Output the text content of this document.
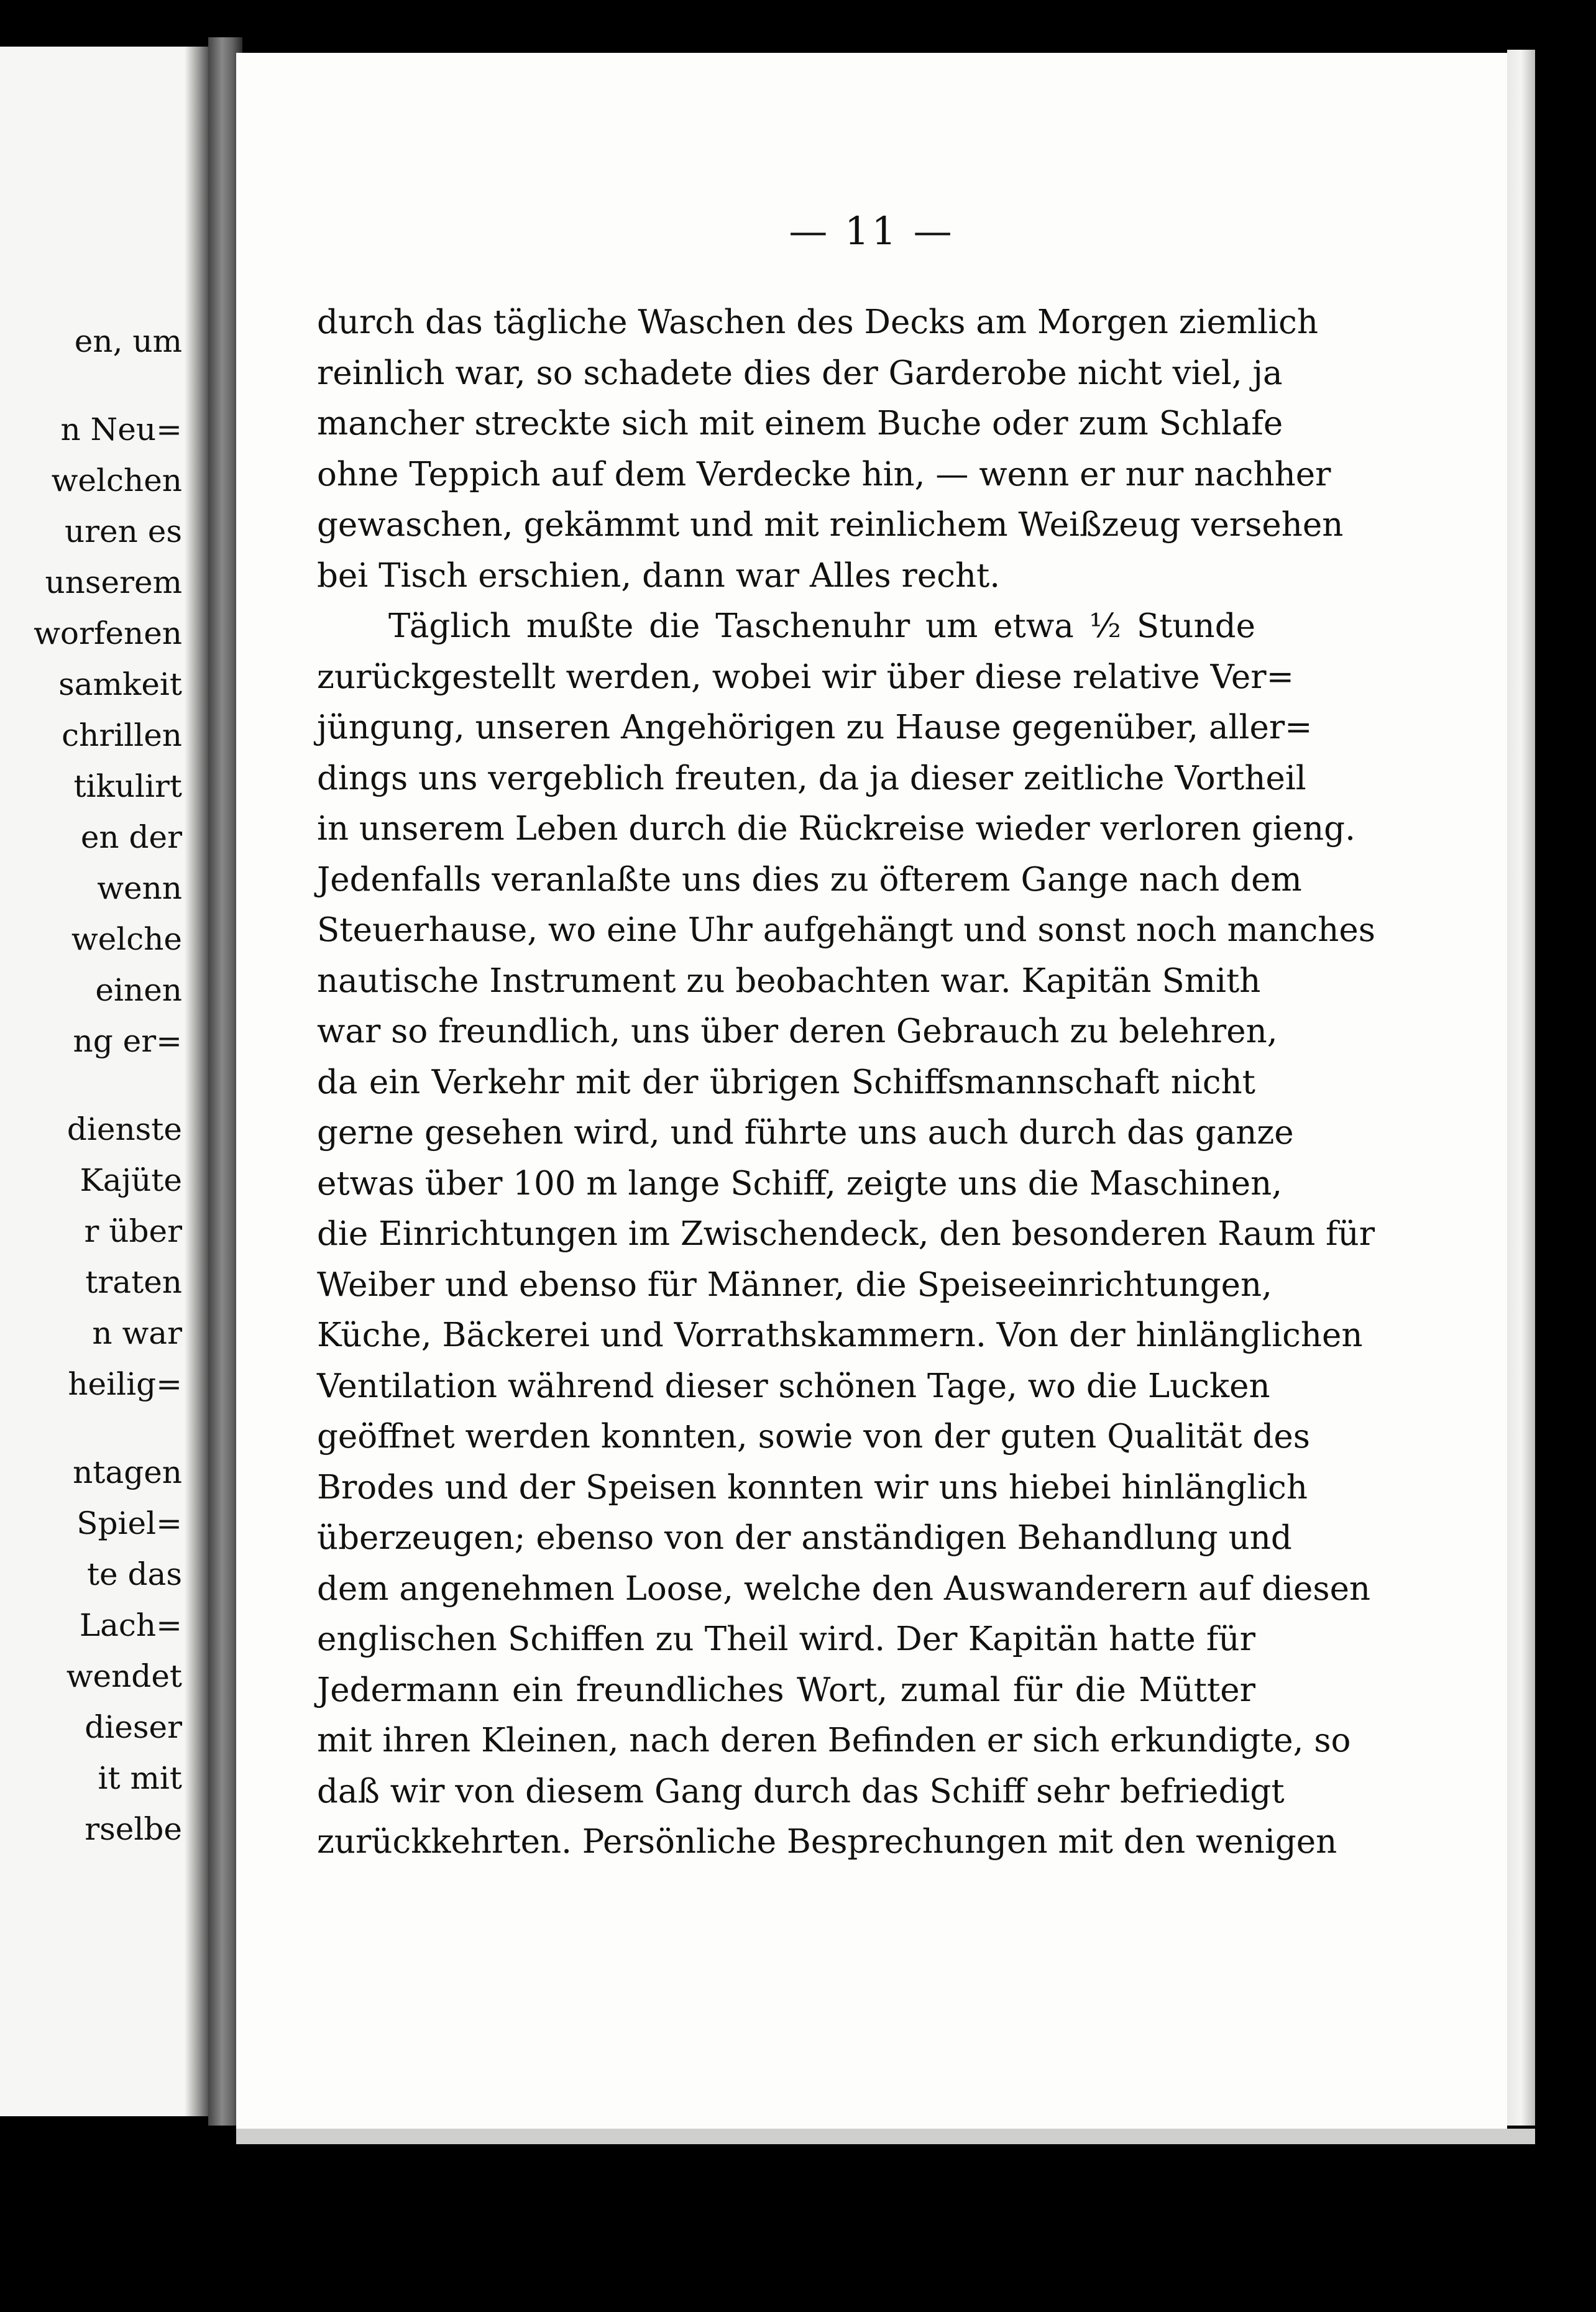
en, um
n Neu=
welchen
uren es
unserem
worfenen
samkeit
chrillen
tikulirt
en der
wenn
welche
einen
ng er=
dienste
Kajüte
r über
traten
n war
heilig=
ntagen
Spiel=
te das
Lach=
wendet
dieser
it mit
rselbe
— 11 —
durch das tägliche Waschen des Decks am Morgen ziemlich
reinlich war, so schadete dies der Garderobe nicht viel, ja
mancher streckte sich mit einem Buche oder zum Schlafe
ohne Teppich auf dem Verdecke hin, — wenn er nur nachher
gewaschen, gekämmt und mit reinlichem Weißzeug versehen
bei Tisch erschien, dann war Alles recht.
Täglich mußte die Taschenuhr um etwa ½ Stunde
zurückgestellt werden, wobei wir über diese relative Ver=
jüngung, unseren Angehörigen zu Hause gegenüber, aller=
dings uns vergeblich freuten, da ja dieser zeitliche Vortheil
in unserem Leben durch die Rückreise wieder verloren gieng.
Jedenfalls veranlaßte uns dies zu öfterem Gange nach dem
Steuerhause, wo eine Uhr aufgehängt und sonst noch manches
nautische Instrument zu beobachten war. Kapitän Smith
war so freundlich, uns über deren Gebrauch zu belehren,
da ein Verkehr mit der übrigen Schiffsmannschaft nicht
gerne gesehen wird, und führte uns auch durch das ganze
etwas über 100 m lange Schiff, zeigte uns die Maschinen,
die Einrichtungen im Zwischendeck, den besonderen Raum für
Weiber und ebenso für Männer, die Speiseeinrichtungen,
Küche, Bäckerei und Vorrathskammern. Von der hinlänglichen
Ventilation während dieser schönen Tage, wo die Lucken
geöffnet werden konnten, sowie von der guten Qualität des
Brodes und der Speisen konnten wir uns hiebei hinlänglich
überzeugen; ebenso von der anständigen Behandlung und
dem angenehmen Loose, welche den Auswanderern auf diesen
englischen Schiffen zu Theil wird. Der Kapitän hatte für
Jedermann ein freundliches Wort, zumal für die Mütter
mit ihren Kleinen, nach deren Befinden er sich erkundigte, so
daß wir von diesem Gang durch das Schiff sehr befriedigt
zurückkehrten. Persönliche Besprechungen mit den wenigen
